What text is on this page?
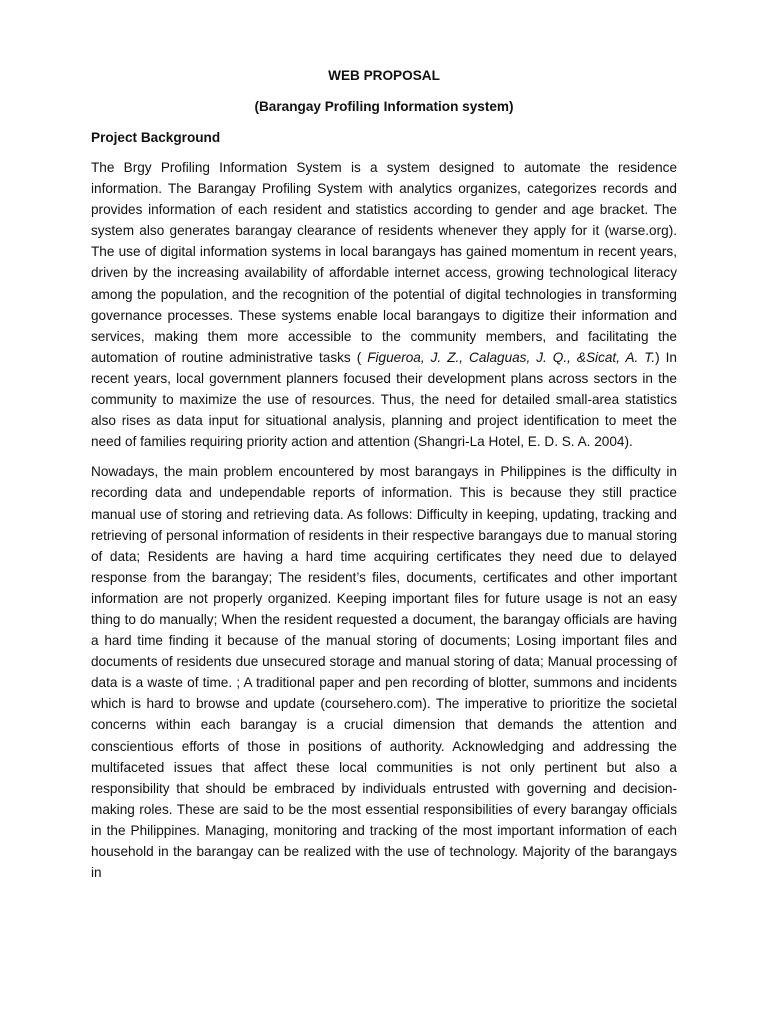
WEB PROPOSAL

(Barangay Profiling Information system)

Project Background

The Brgy Profiling Information System is a system designed to automate the residence information. The Barangay Profiling System with analytics organizes, categorizes records and provides information of each resident and statistics according to gender and age bracket. The system also generates barangay clearance of residents whenever they apply for it (warse.org). The use of digital information systems in local barangays has gained momentum in recent years, driven by the increasing availability of affordable internet access, growing technological literacy among the population, and the recognition of the potential of digital technologies in transforming governance processes. These systems enable local barangays to digitize their information and services, making them more accessible to the community members, and facilitating the automation of routine administrative tasks ( Figueroa, J. Z., Calaguas, J. Q., &Sicat, A. T.) In recent years, local government planners focused their development plans across sectors in the community to maximize the use of resources. Thus, the need for detailed small-area statistics also rises as data input for situational analysis, planning and project identification to meet the need of families requiring priority action and attention (Shangri-La Hotel, E. D. S. A. 2004).

Nowadays, the main problem encountered by most barangays in Philippines is the difficulty in recording data and undependable reports of information. This is because they still practice manual use of storing and retrieving data. As follows: Difficulty in keeping, updating, tracking and retrieving of personal information of residents in their respective barangays due to manual storing of data; Residents are having a hard time acquiring certificates they need due to delayed response from the barangay; The resident’s files, documents, certificates and other important information are not properly organized. Keeping important files for future usage is not an easy thing to do manually; When the resident requested a document, the barangay officials are having a hard time finding it because of the manual storing of documents; Losing important files and documents of residents due unsecured storage and manual storing of data; Manual processing of data is a waste of time. ; A traditional paper and pen recording of blotter, summons and incidents which is hard to browse and update (coursehero.com). The imperative to prioritize the societal concerns within each barangay is a crucial dimension that demands the attention and conscientious efforts of those in positions of authority. Acknowledging and addressing the multifaceted issues that affect these local communities is not only pertinent but also a responsibility that should be embraced by individuals entrusted with governing and decision-making roles. These are said to be the most essential responsibilities of every barangay officials in the Philippines. Managing, monitoring and tracking of the most important information of each household in the barangay can be realized with the use of technology. Majority of the barangays in
